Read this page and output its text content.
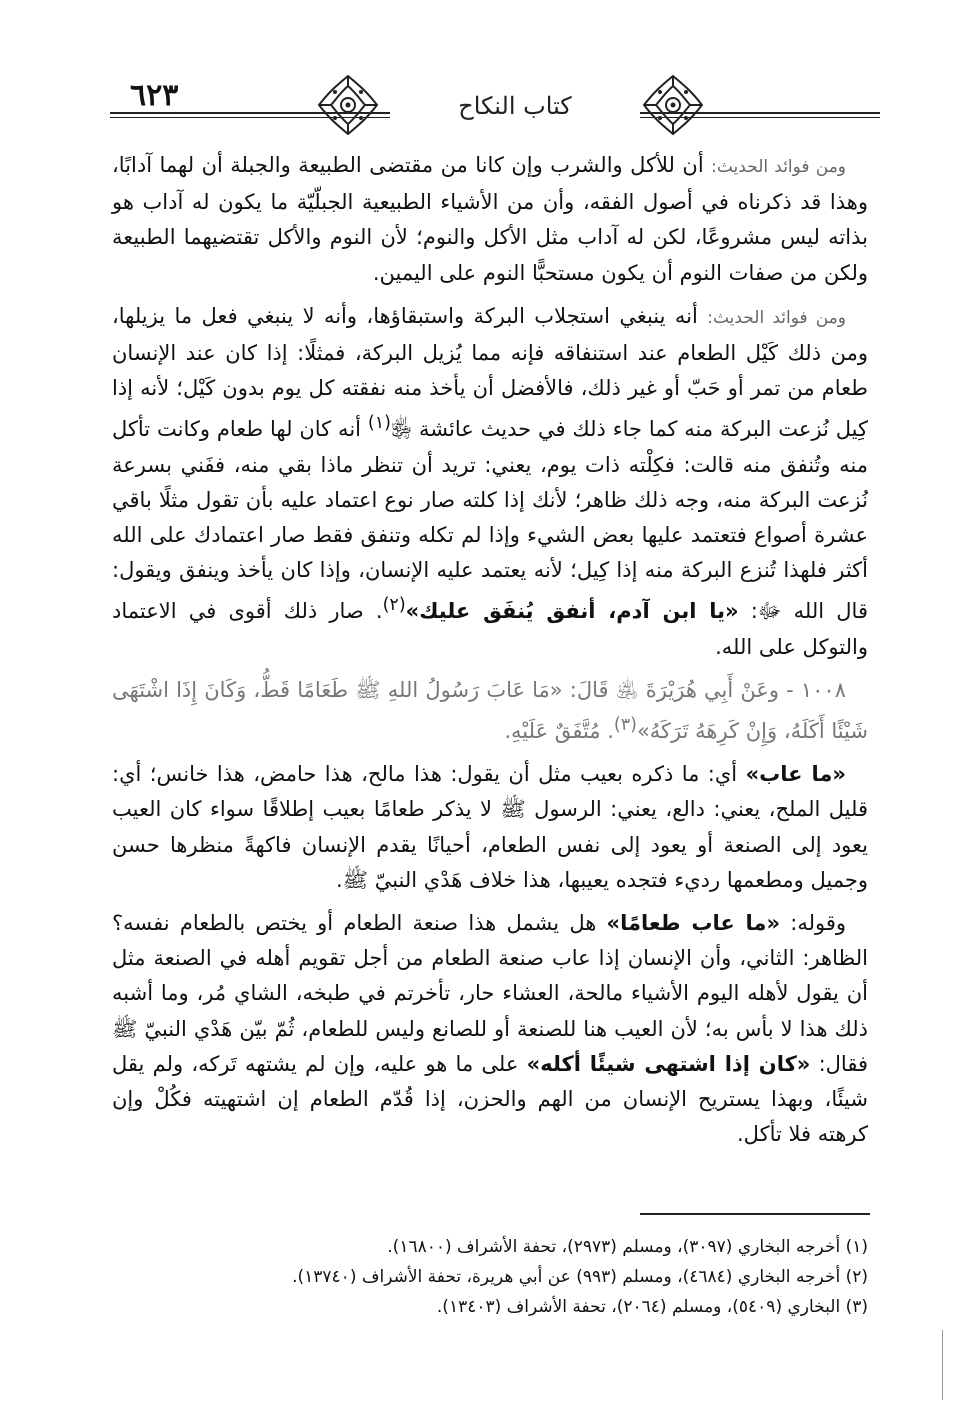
٦٢٣	كتاب النكاح

ومن فوائد الحديث: أن للأكل والشرب وإن كانا من مقتضى الطبيعة والجبلة أن لهما آدابًا، وهذا قد ذكرناه في أصول الفقه، وأن من الأشياء الطبيعية الجبلّيّة ما يكون له آداب هو بذاته ليس مشروعًا، لكن له آداب مثل الأكل والنوم؛ لأن النوم والأكل تقتضيهما الطبيعة ولكن من صفات النوم أن يكون مستحبًّا النوم على اليمين.

ومن فوائد الحديث: أنه ينبغي استجلاب البركة واستبقاؤها، وأنه لا ينبغي فعل ما يزيلها، ومن ذلك كَيْل الطعام عند استنفاقه فإنه مما يُزيل البركة، فمثلًا: إذا كان عند الإنسان طعام من تمر أو حَبّ أو غير ذلك، فالأفضل أن يأخذ منه نفقته كل يوم بدون كَيْل؛ لأنه إذا كِيل نُزعت البركة منه كما جاء ذلك في حديث عائشة ﵂$^{(١)}$ أنه كان لها طعام وكانت تأكل منه وتُنفق منه قالت: فكِلْته ذات يوم، يعني: تريد أن تنظر ماذا بقي منه، ففَني بسرعة نُزعت البركة منه، وجه ذلك ظاهر؛ لأنك إذا كلته صار نوع اعتماد عليه بأن تقول مثلًا باقي عشرة أصواع فتعتمد عليها بعض الشيء وإذا لم تكله وتنفق فقط صار اعتمادك على الله أكثر فلهذا تُنزع البركة منه إذا كِيل؛ لأنه يعتمد عليه الإنسان، وإذا كان يأخذ وينفق ويقول: قال الله ﷻ: «يا ابن آدم، أنفق يُنفَق عليك»$^{(٢)}$. صار ذلك أقوى في الاعتماد والتوكل على الله.

١٠٠٨ - وعَنْ أَبِي هُرَيْرَةَ ﵁ قَالَ: «مَا عَابَ رَسُولُ اللهِ ﷺ طَعَامًا قَطُّ، وَكَانَ إِذَا اشْتَهَى شَيْئًا أَكَلَهُ، وَإِنْ كَرِهَهُ تَرَكَهُ»$^{(٣)}$. مُتَّفَقٌ عَلَيْهِ.

«ما عاب» أي: ما ذكره بعيب مثل أن يقول: هذا مالح، هذا حامض، هذا خانس؛ أي: قليل الملح، يعني: دالع، يعني: الرسول ﷺ لا يذكر طعامًا بعيب إطلاقًا سواء كان العيب يعود إلى الصنعة أو يعود إلى نفس الطعام، أحيانًا يقدم الإنسان فاكهةً منظرها حسن وجميل ومطعمها رديء فتجده يعيبها، هذا خلاف هَدْي النبيّ ﷺ.

وقوله: «ما عاب طعامًا» هل يشمل هذا صنعة الطعام أو يختص بالطعام نفسه؟ الظاهر: الثاني، وأن الإنسان إذا عاب صنعة الطعام من أجل تقويم أهله في الصنعة مثل أن يقول لأهله اليوم الأشياء مالحة، العشاء حار، تأخرتم في طبخه، الشاي مُر، وما أشبه ذلك هذا لا بأس به؛ لأن العيب هنا للصنعة أو للصانع وليس للطعام، ثُمّ بيّن هَدْي النبيّ ﷺ فقال: «كان إذا اشتهى شيئًا أكله» على ما هو عليه، وإن لم يشتهه تَركه، ولم يقل شيئًا، وبهذا يستريح الإنسان من الهم والحزن، إذا قُدّم الطعام إن اشتهيته فكُلْ وإن كرهته فلا تأكل.

(١) أخرجه البخاري (٣٠٩٧)، ومسلم (٢٩٧٣)، تحفة الأشراف (١٦٨٠٠).
(٢) أخرجه البخاري (٤٦٨٤)، ومسلم (٩٩٣) عن أبي هريرة، تحفة الأشراف (١٣٧٤٠).
(٣) البخاري (٥٤٠٩)، ومسلم (٢٠٦٤)، تحفة الأشراف (١٣٤٠٣).
